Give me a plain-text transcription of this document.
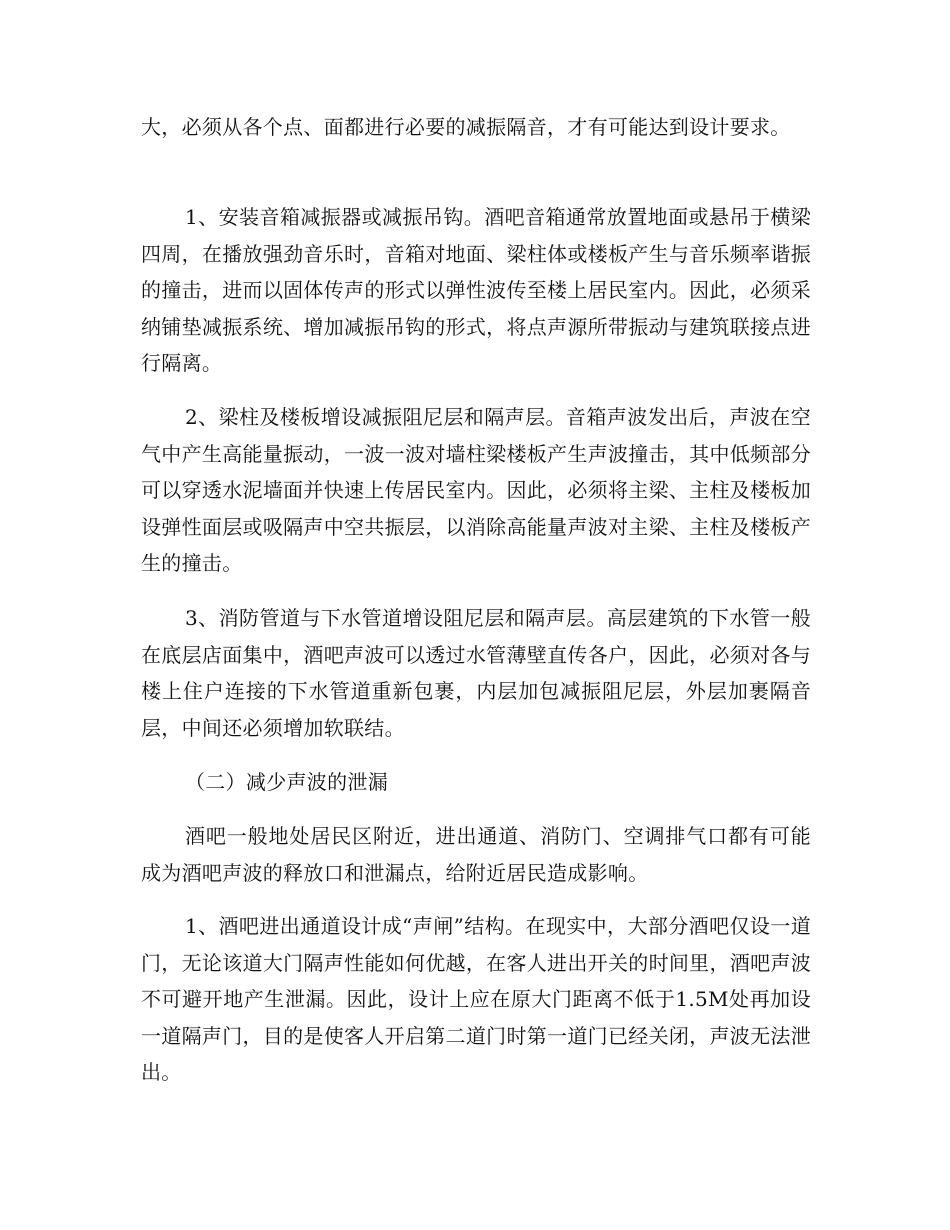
大，必须从各个点、面都进行必要的减振隔音，才有可能达到设计要求。

1、安装音箱减振器或减振吊钩。酒吧音箱通常放置地面或悬吊于横梁四周，在播放强劲音乐时，音箱对地面、梁柱体或楼板产生与音乐频率谐振的撞击，进而以固体传声的形式以弹性波传至楼上居民室内。因此，必须采纳铺垫减振系统、增加减振吊钩的形式，将点声源所带振动与建筑联接点进行隔离。

2、梁柱及楼板增设减振阻尼层和隔声层。音箱声波发出后，声波在空气中产生高能量振动，一波一波对墙柱梁楼板产生声波撞击，其中低频部分可以穿透水泥墙面并快速上传居民室内。因此，必须将主梁、主柱及楼板加设弹性面层或吸隔声中空共振层，以消除高能量声波对主梁、主柱及楼板产生的撞击。

3、消防管道与下水管道增设阻尼层和隔声层。高层建筑的下水管一般在底层店面集中，酒吧声波可以透过水管薄壁直传各户，因此，必须对各与楼上住户连接的下水管道重新包裹，内层加包减振阻尼层，外层加裹隔音层，中间还必须增加软联结。

（二）减少声波的泄漏

酒吧一般地处居民区附近，进出通道、消防门、空调排气口都有可能成为酒吧声波的释放口和泄漏点，给附近居民造成影响。

1、酒吧进出通道设计成“声闸”结构。在现实中，大部分酒吧仅设一道门，无论该道大门隔声性能如何优越，在客人进出开关的时间里，酒吧声波不可避开地产生泄漏。因此，设计上应在原大门距离不低于1.5M处再加设一道隔声门，目的是使客人开启第二道门时第一道门已经关闭，声波无法泄出。
